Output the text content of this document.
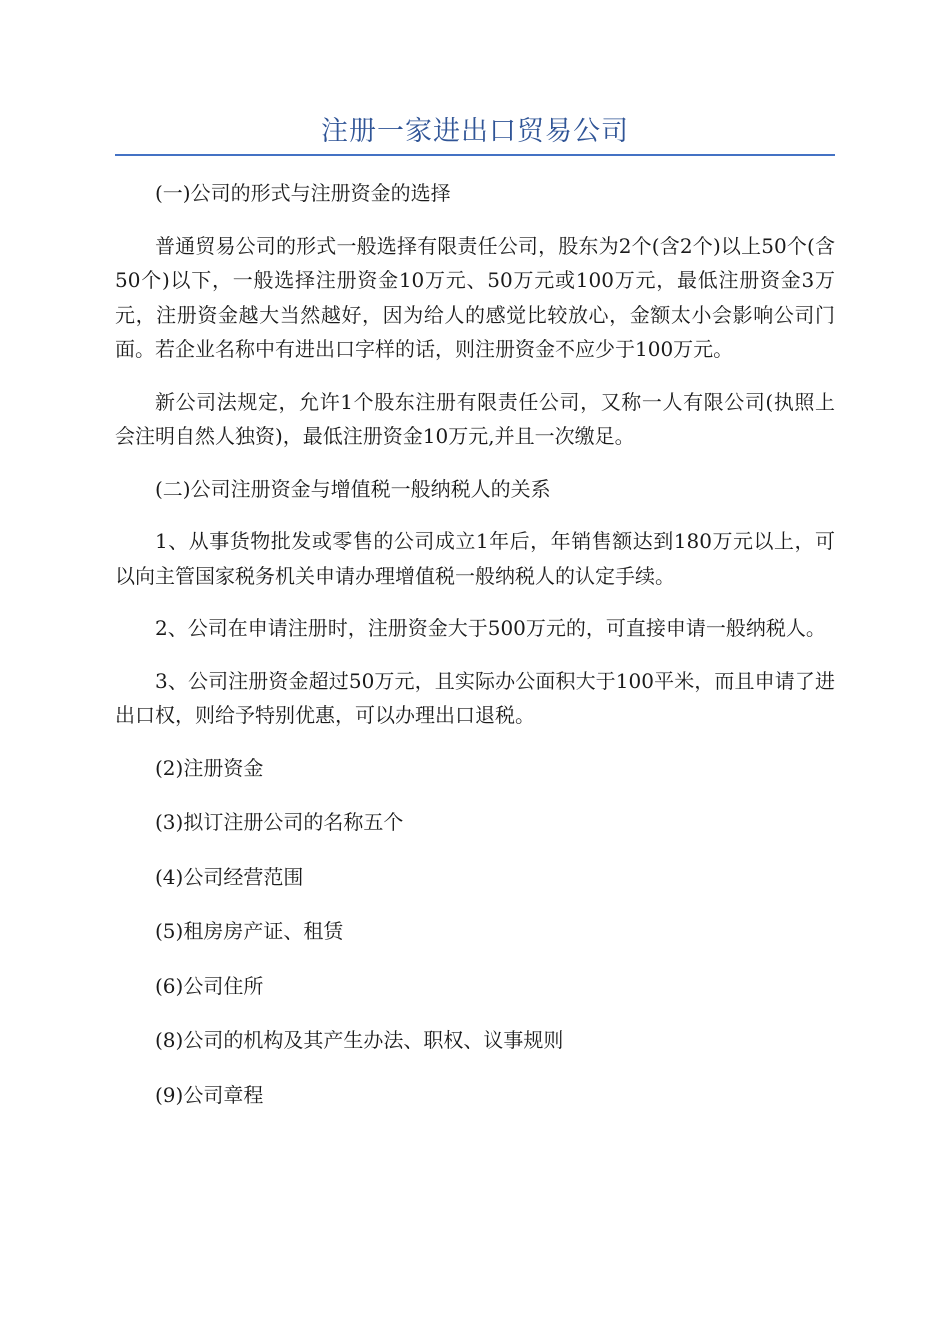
注册一家进出口贸易公司

(一)公司的形式与注册资金的选择

普通贸易公司的形式一般选择有限责任公司，股东为2个(含2个)以上50个(含50个)以下，一般选择注册资金10万元、50万元或100万元，最低注册资金3万元，注册资金越大当然越好，因为给人的感觉比较放心，金额太小会影响公司门面。若企业名称中有进出口字样的话，则注册资金不应少于100万元。

新公司法规定，允许1个股东注册有限责任公司，又称一人有限公司(执照上会注明自然人独资)，最低注册资金10万元,并且一次缴足。

(二)公司注册资金与增值税一般纳税人的关系

1、从事货物批发或零售的公司成立1年后，年销售额达到180万元以上，可以向主管国家税务机关申请办理增值税一般纳税人的认定手续。

2、公司在申请注册时，注册资金大于500万元的，可直接申请一般纳税人。

3、公司注册资金超过50万元，且实际办公面积大于100平米，而且申请了进出口权，则给予特别优惠，可以办理出口退税。

(2)注册资金

(3)拟订注册公司的名称五个

(4)公司经营范围

(5)租房房产证、租赁

(6)公司住所

(8)公司的机构及其产生办法、职权、议事规则

(9)公司章程
